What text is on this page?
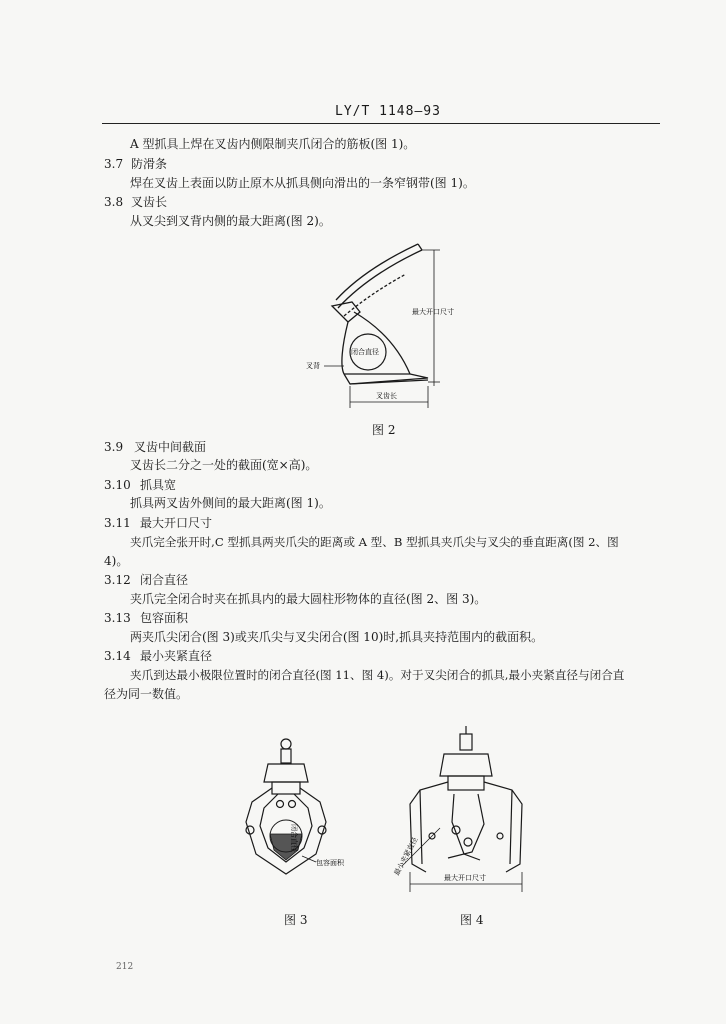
LY/T 1148—93
A 型抓具上焊在叉齿内侧限制夹爪闭合的筋板(图 1)。
3.7 防滑条
焊在叉齿上表面以防止原木从抓具侧向滑出的一条窄钢带(图 1)。
3.8 叉齿长
从叉尖到叉背内侧的最大距离(图 2)。
闭合直径
最大开口尺寸
叉背
叉齿长
图 2
3.9 叉齿中间截面
叉齿长二分之一处的截面(宽×高)。
3.10 抓具宽
抓具两叉齿外侧间的最大距离(图 1)。
3.11 最大开口尺寸
夹爪完全张开时,C 型抓具两夹爪尖的距离或 A 型、B 型抓具夹爪尖与叉尖的垂直距离(图 2、图
4)。
3.12 闭合直径
夹爪完全闭合时夹在抓具内的最大圆柱形物体的直径(图 2、图 3)。
3.13 包容面积
两夹爪尖闭合(图 3)或夹爪尖与叉尖闭合(图 10)时,抓具夹持范围内的截面积。
3.14 最小夹紧直径
夹爪到达最小极限位置时的闭合直径(图 11、图 4)。对于叉尖闭合的抓具,最小夹紧直径与闭合直
径为同一数值。
闭合直径
包容面积
图 3
最小夹紧直径
最大开口尺寸
图 4
212
